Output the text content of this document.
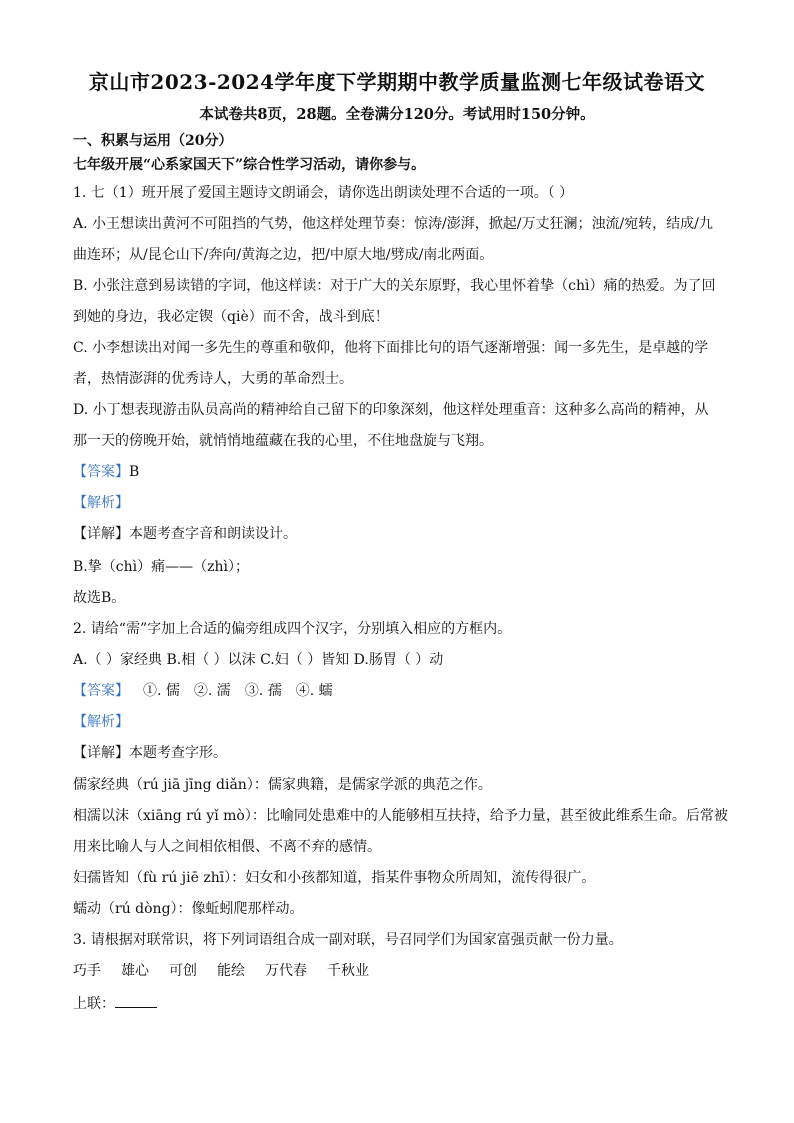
京山市2023-2024学年度下学期期中教学质量监测七年级试卷语文
本试卷共8页，28题。全卷满分120分。考试用时150分钟。
一、积累与运用（20分）
七年级开展“心系家国天下”综合性学习活动，请你参与。
1. 七（1）班开展了爱国主题诗文朗诵会，请你选出朗读处理不合适的一项。（ ）
A. 小王想读出黄河不可阻挡的气势，他这样处理节奏：惊涛/澎湃，掀起/万丈狂澜；浊流/宛转，结成/九
曲连环；从/昆仑山下/奔向/黄海之边，把/中原大地/劈成/南北两面。
B. 小张注意到易读错的字词，他这样读：对于广大的关东原野，我心里怀着挚（chì）痛的热爱。为了回
到她的身边，我必定锲（qiè）而不舍，战斗到底！
C. 小李想读出对闻一多先生的尊重和敬仰，他将下面排比句的语气逐渐增强：闻一多先生，是卓越的学
者，热情澎湃的优秀诗人，大勇的革命烈士。
D. 小丁想表现游击队员高尚的精神给自己留下的印象深刻，他这样处理重音：这种多么高尚的精神，从
那一天的傍晚开始，就悄悄地蕴藏在我的心里，不住地盘旋与飞翔。
【答案】B
【解析】
【详解】本题考查字音和朗读设计。
B.挚（chì）痛——（zhì）；
故选B。
2. 请给“需”字加上合适的偏旁组成四个汉字，分别填入相应的方框内。
A.（ ）家经典 B.相（ ）以沫 C.妇（ ）皆知 D.肠胃（ ）动
【答案】 ①. 儒 ②. 濡 ③. 孺 ④. 蠕
【解析】
【详解】本题考查字形。
儒家经典（rú jiā jīng diǎn）：儒家典籍，是儒家学派的典范之作。
相濡以沫（xiāng rú yǐ mò）：比喻同处患难中的人能够相互扶持，给予力量，甚至彼此维系生命。后常被
用来比喻人与人之间相依相偎、不离不弃的感情。
妇孺皆知（fù rú jiē zhī）：妇女和小孩都知道，指某件事物众所周知，流传得很广。
蠕动（rú dòng）：像蚯蚓爬那样动。
3. 请根据对联常识，将下列词语组合成一副对联，号召同学们为国家富强贡献一份力量。
巧手 雄心 可创 能绘 万代春 千秋业
上联：
